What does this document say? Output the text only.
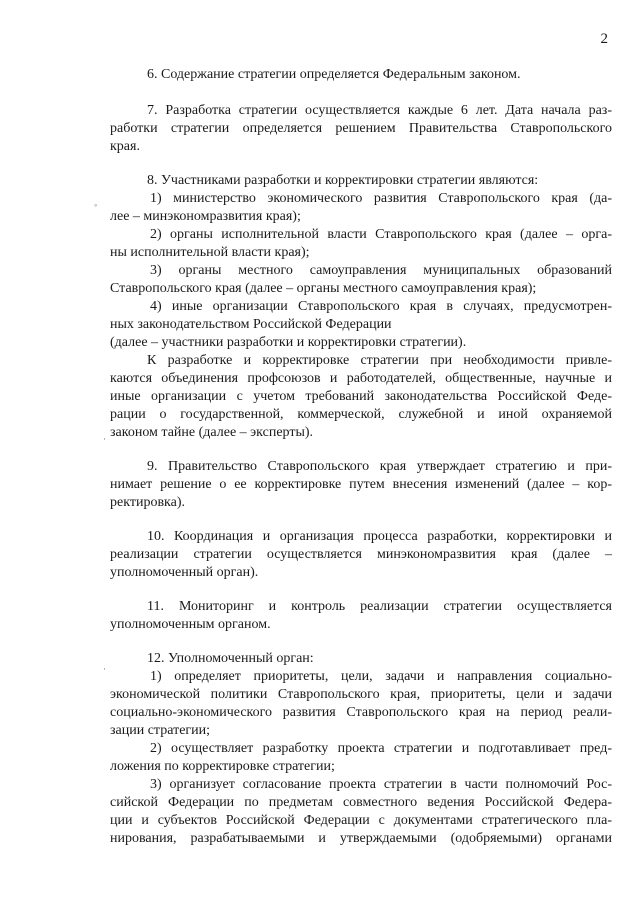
2
6. Содержание стратегии определяется Федеральным законом.
7. Разработка стратегии осуществляется каждые 6 лет. Дата начала раз-
работки стратегии определяется решением Правительства Ставропольского
края.
8. Участниками разработки и корректировки стратегии являются:
1) министерство экономического развития Ставропольского края (да-
лее – минэкономразвития края);
2) органы исполнительной власти Ставропольского края (далее – орга-
ны исполнительной власти края);
3) органы местного самоуправления муниципальных образований
Ставропольского края (далее – органы местного самоуправления края);
4) иные организации Ставропольского края в случаях, предусмотрен-
ных законодательством Российской Федерации
(далее – участники разработки и корректировки стратегии).
К разработке и корректировке стратегии при необходимости привле-
каются объединения профсоюзов и работодателей, общественные, научные и
иные организации с учетом требований законодательства Российской Федe-
рации о государственной, коммерческой, служебной и иной охраняемой
законом тайне (далее – эксперты).
9. Правительство Ставропольского края утверждает стратегию и при-
нимает решение о ее корректировке путем внесения изменений (далее – кор-
ректировка).
10. Координация и организация процесса разработки, корректировки и
реализации стратегии осуществляется минэкономразвития края (далее –
уполномоченный орган).
11. Мониторинг и контроль реализации стратегии осуществляется
уполномоченным органом.
12. Уполномоченный орган:
1) определяет приоритеты, цели, задачи и направления социально-
экономической политики Ставропольского края, приоритеты, цели и задачи
социально-экономического развития Ставропольского края на период реали-
зации стратегии;
2) осуществляет разработку проекта стратегии и подготавливает пред-
ложения по корректировке стратегии;
3) организует согласование проекта стратегии в части полномочий Рос-
сийской Федерации по предметам совместного ведения Российской Федера-
ции и субъектов Российской Федерации с документами стратегического пла-
нирования, разрабатываемыми и утверждаемыми (одобряемыми) органами
◦
·
·
